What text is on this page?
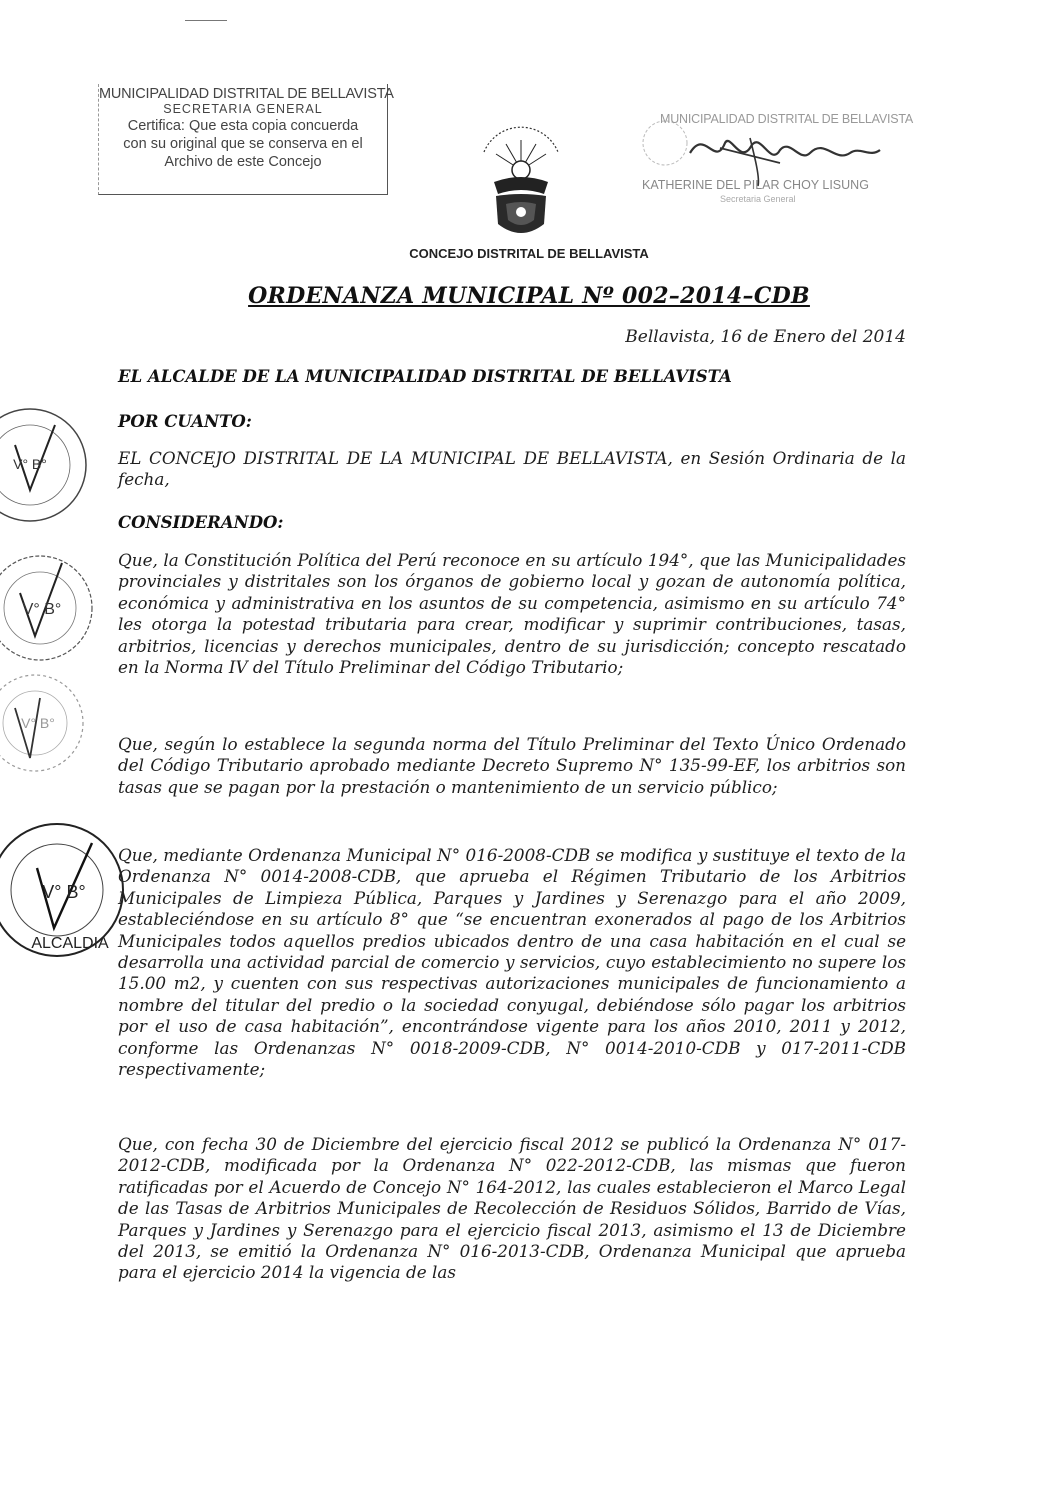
MUNICIPALIDAD DISTRITAL DE BELLAVISTA
SECRETARIA GENERAL
Certifica: Que esta copia concuerda
con su original que se conserva en el
Archivo de este Concejo
MUNICIPALIDAD DISTRITAL DE BELLAVISTA
KATHERINE DEL PILAR CHOY LISUNG
Secretaria General
CONCEJO DISTRITAL DE BELLAVISTA
ORDENANZA MUNICIPAL Nº 002–2014–CDB
Bellavista, 16 de Enero del 2014
EL ALCALDE DE LA MUNICIPALIDAD DISTRITAL DE BELLAVISTA
POR CUANTO:
EL CONCEJO DISTRITAL DE LA MUNICIPAL DE BELLAVISTA, en Sesión Ordinaria de la fecha,
CONSIDERANDO:
Que, la Constitución Política del Perú reconoce en su artículo 194°, que las Municipalidades provinciales y distritales son los órganos de gobierno local y gozan de autonomía política, económica y administrativa en los asuntos de su competencia, asimismo en su artículo 74° les otorga la potestad tributaria para crear, modificar y suprimir contribuciones, tasas, arbitrios, licencias y derechos municipales, dentro de su jurisdicción; concepto rescatado en la Norma IV del Título Preliminar del Código Tributario;
Que, según lo establece la segunda norma del Título Preliminar del Texto Único Ordenado del Código Tributario aprobado mediante Decreto Supremo N° 135-99-EF, los arbitrios son tasas que se pagan por la prestación o mantenimiento de un servicio público;
Que, mediante Ordenanza Municipal N° 016-2008-CDB se modifica y sustituye el texto de la Ordenanza N° 0014-2008-CDB, que aprueba el Régimen Tributario de los Arbitrios Municipales de Limpieza Pública, Parques y Jardines y Serenazgo para el año 2009, estableciéndose en su artículo 8° que “se encuentran exonerados al pago de los Arbitrios Municipales todos aquellos predios ubicados dentro de una casa habitación en el cual se desarrolla una actividad parcial de comercio y servicios, cuyo establecimiento no supere los 15.00 m2, y cuenten con sus respectivas autorizaciones municipales de funcionamiento a nombre del titular del predio o la sociedad conyugal, debiéndose sólo pagar los arbitrios por el uso de casa habitación”, encontrándose vigente para los años 2010, 2011 y 2012, conforme las Ordenanzas N° 0018-2009-CDB, N° 0014-2010-CDB y 017-2011-CDB respectivamente;
Que, con fecha 30 de Diciembre del ejercicio fiscal 2012 se publicó la Ordenanza N° 017-2012-CDB, modificada por la Ordenanza N° 022-2012-CDB, las mismas que fueron ratificadas por el Acuerdo de Concejo N° 164-2012, las cuales establecieron el Marco Legal de las Tasas de Arbitrios Municipales de Recolección de Residuos Sólidos, Barrido de Vías, Parques y Jardines y Serenazgo para el ejercicio fiscal 2013, asimismo el 13 de Diciembre del 2013, se emitió la Ordenanza N° 016-2013-CDB, Ordenanza Municipal que aprueba para el ejercicio 2014 la vigencia de las
V° B°
V° B°
V° B°
V° B°
ALCALDIA
